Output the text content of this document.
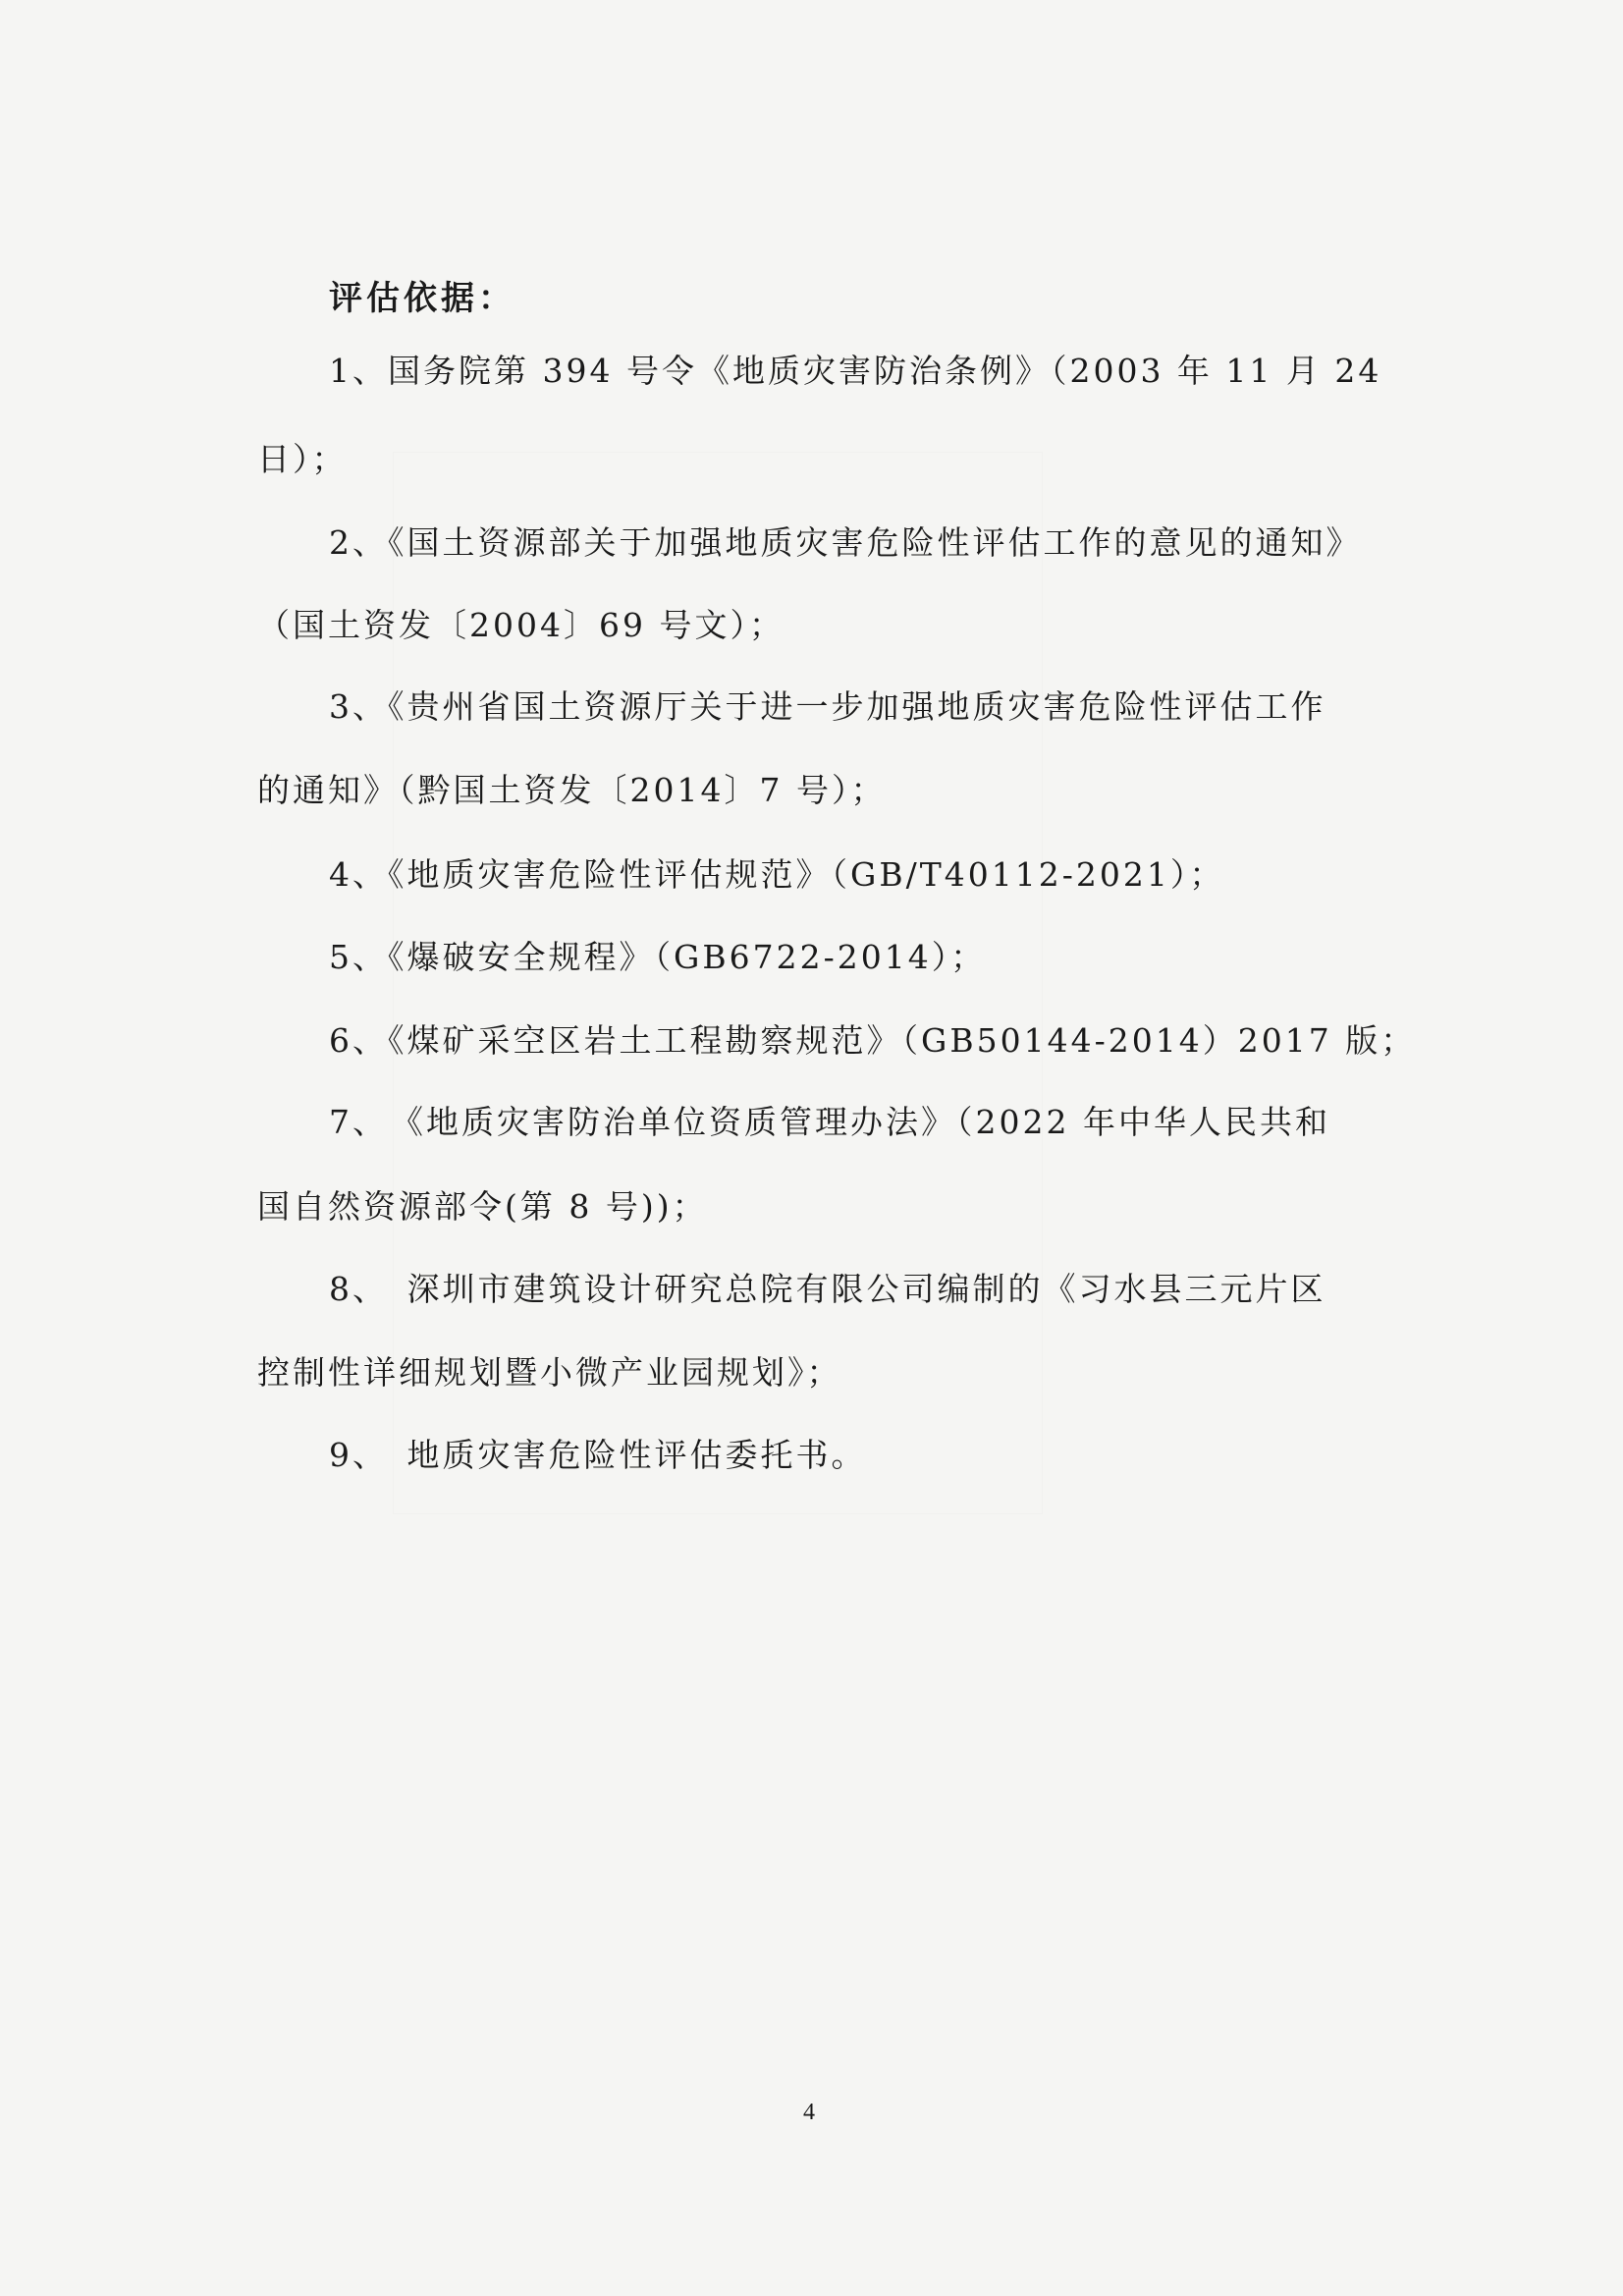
评估依据：
1、国务院第 394 号令《地质灾害防治条例》（2003 年 11 月 24
日）；
2、《国土资源部关于加强地质灾害危险性评估工作的意见的通知》
（国土资发〔2004〕69 号文）；
3、《贵州省国土资源厅关于进一步加强地质灾害危险性评估工作
的通知》（黔国土资发〔2014〕7 号）；
4、《地质灾害危险性评估规范》（GB/T40112-2021）；
5、《爆破安全规程》（GB6722-2014）；
6、《煤矿采空区岩土工程勘察规范》（GB50144-2014）2017 版；
7、　《地质灾害防治单位资质管理办法》（2022 年中华人民共和
国自然资源部令(第 8 号))；
8、　深圳市建筑设计研究总院有限公司编制的《习水县三元片区
控制性详细规划暨小微产业园规划》；
9、　地质灾害危险性评估委托书。
4
